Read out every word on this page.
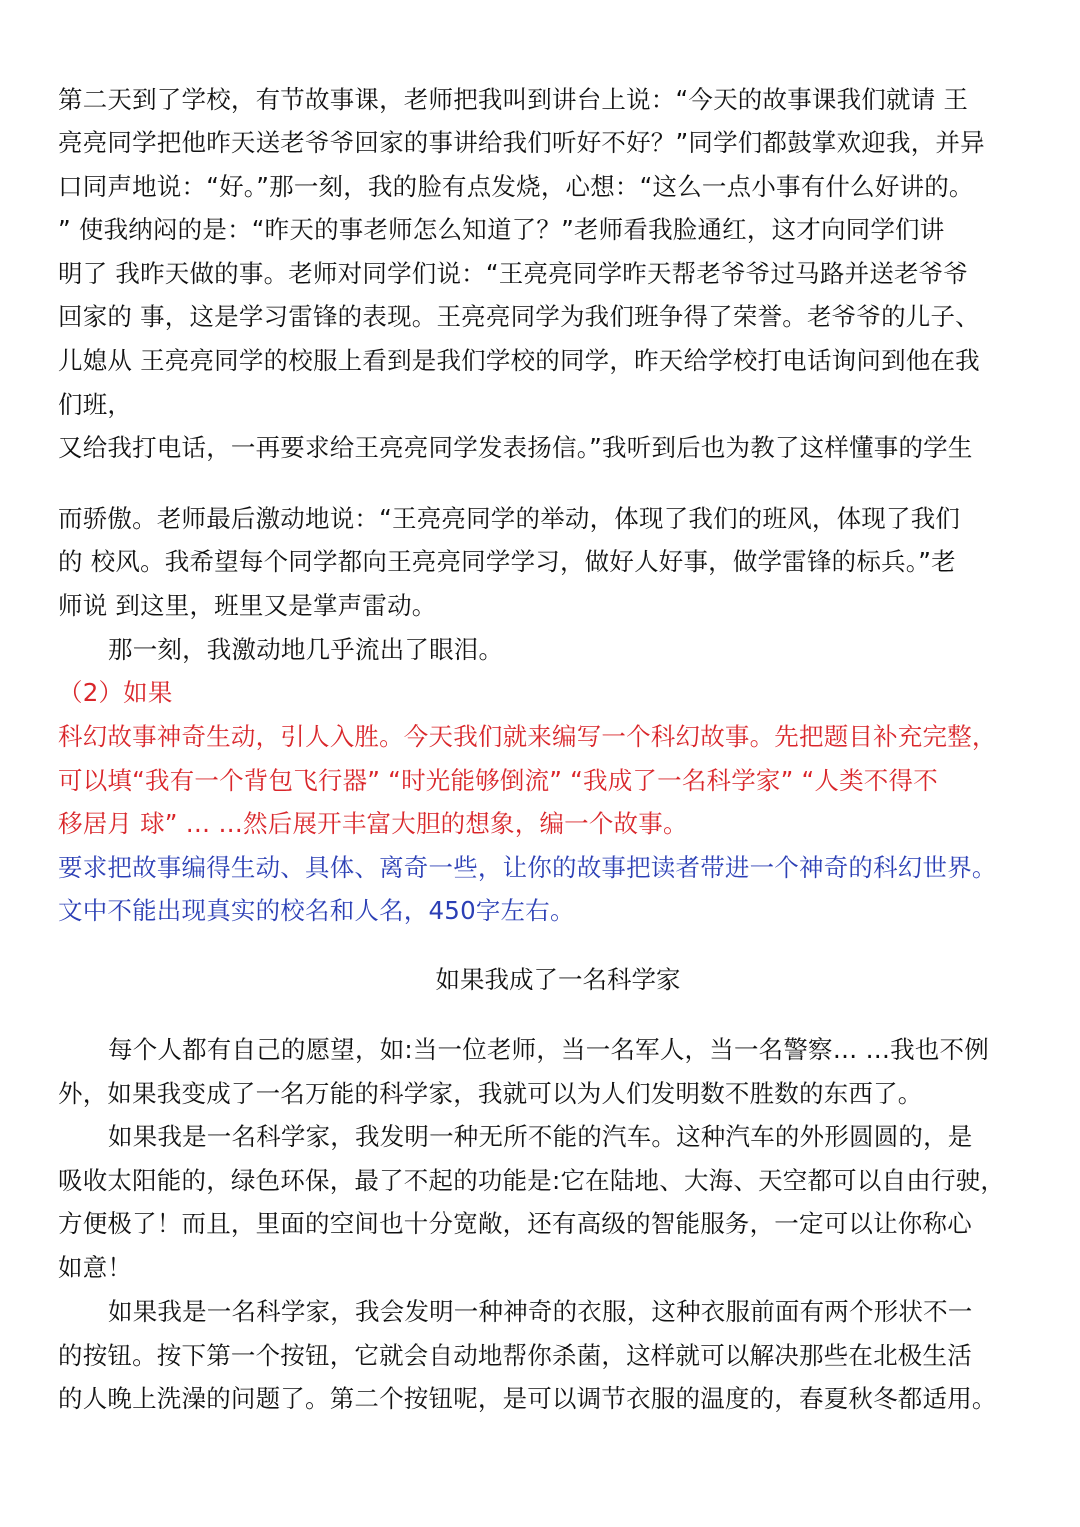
第二天到了学校，有节故事课，老师把我叫到讲台上说：“今天的故事课我们就请 王
亮亮同学把他昨天送老爷爷回家的事讲给我们听好不好？”同学们都鼓掌欢迎我，并异
口同声地说：“好。”那一刻，我的脸有点发烧，心想：“这么一点小事有什么好讲的。
” 使我纳闷的是：“昨天的事老师怎么知道了？”老师看我脸通红，这才向同学们讲
明了 我昨天做的事。老师对同学们说：“王亮亮同学昨天帮老爷爷过马路并送老爷爷
回家的 事，这是学习雷锋的表现。王亮亮同学为我们班争得了荣誉。老爷爷的儿子、
儿媳从 王亮亮同学的校服上看到是我们学校的同学，昨天给学校打电话询问到他在我
们班，
又给我打电话，一再要求给王亮亮同学发表扬信。”我听到后也为教了这样懂事的学生
而骄傲。老师最后激动地说：“王亮亮同学的举动，体现了我们的班风，体现了我们
的 校风。我希望每个同学都向王亮亮同学学习，做好人好事，做学雷锋的标兵。”老
师说 到这里，班里又是掌声雷动。
那一刻，我激动地几乎流出了眼泪。
（2）如果
科幻故事神奇生动，引人入胜。今天我们就来编写一个科幻故事。先把题目补充完整，
可以填“我有一个背包飞行器” “时光能够倒流” “我成了一名科学家” “人类不得不
移居月 球” … …然后展开丰富大胆的想象，编一个故事。
要求把故事编得生动、具体、离奇一些，让你的故事把读者带进一个神奇的科幻世界。
文中不能出现真实的校名和人名，450字左右。
如果我成了一名科学家
每个人都有自己的愿望，如:当一位老师，当一名军人，当一名警察… …我也不例
外，如果我变成了一名万能的科学家，我就可以为人们发明数不胜数的东西了。
如果我是一名科学家，我发明一种无所不能的汽车。这种汽车的外形圆圆的，是
吸收太阳能的，绿色环保，最了不起的功能是:它在陆地、大海、天空都可以自由行驶，
方便极了！而且，里面的空间也十分宽敞，还有高级的智能服务，一定可以让你称心
如意！
如果我是一名科学家，我会发明一种神奇的衣服，这种衣服前面有两个形状不一
的按钮。按下第一个按钮，它就会自动地帮你杀菌，这样就可以解决那些在北极生活
的人晚上洗澡的问题了。第二个按钮呢，是可以调节衣服的温度的，春夏秋冬都适用。
